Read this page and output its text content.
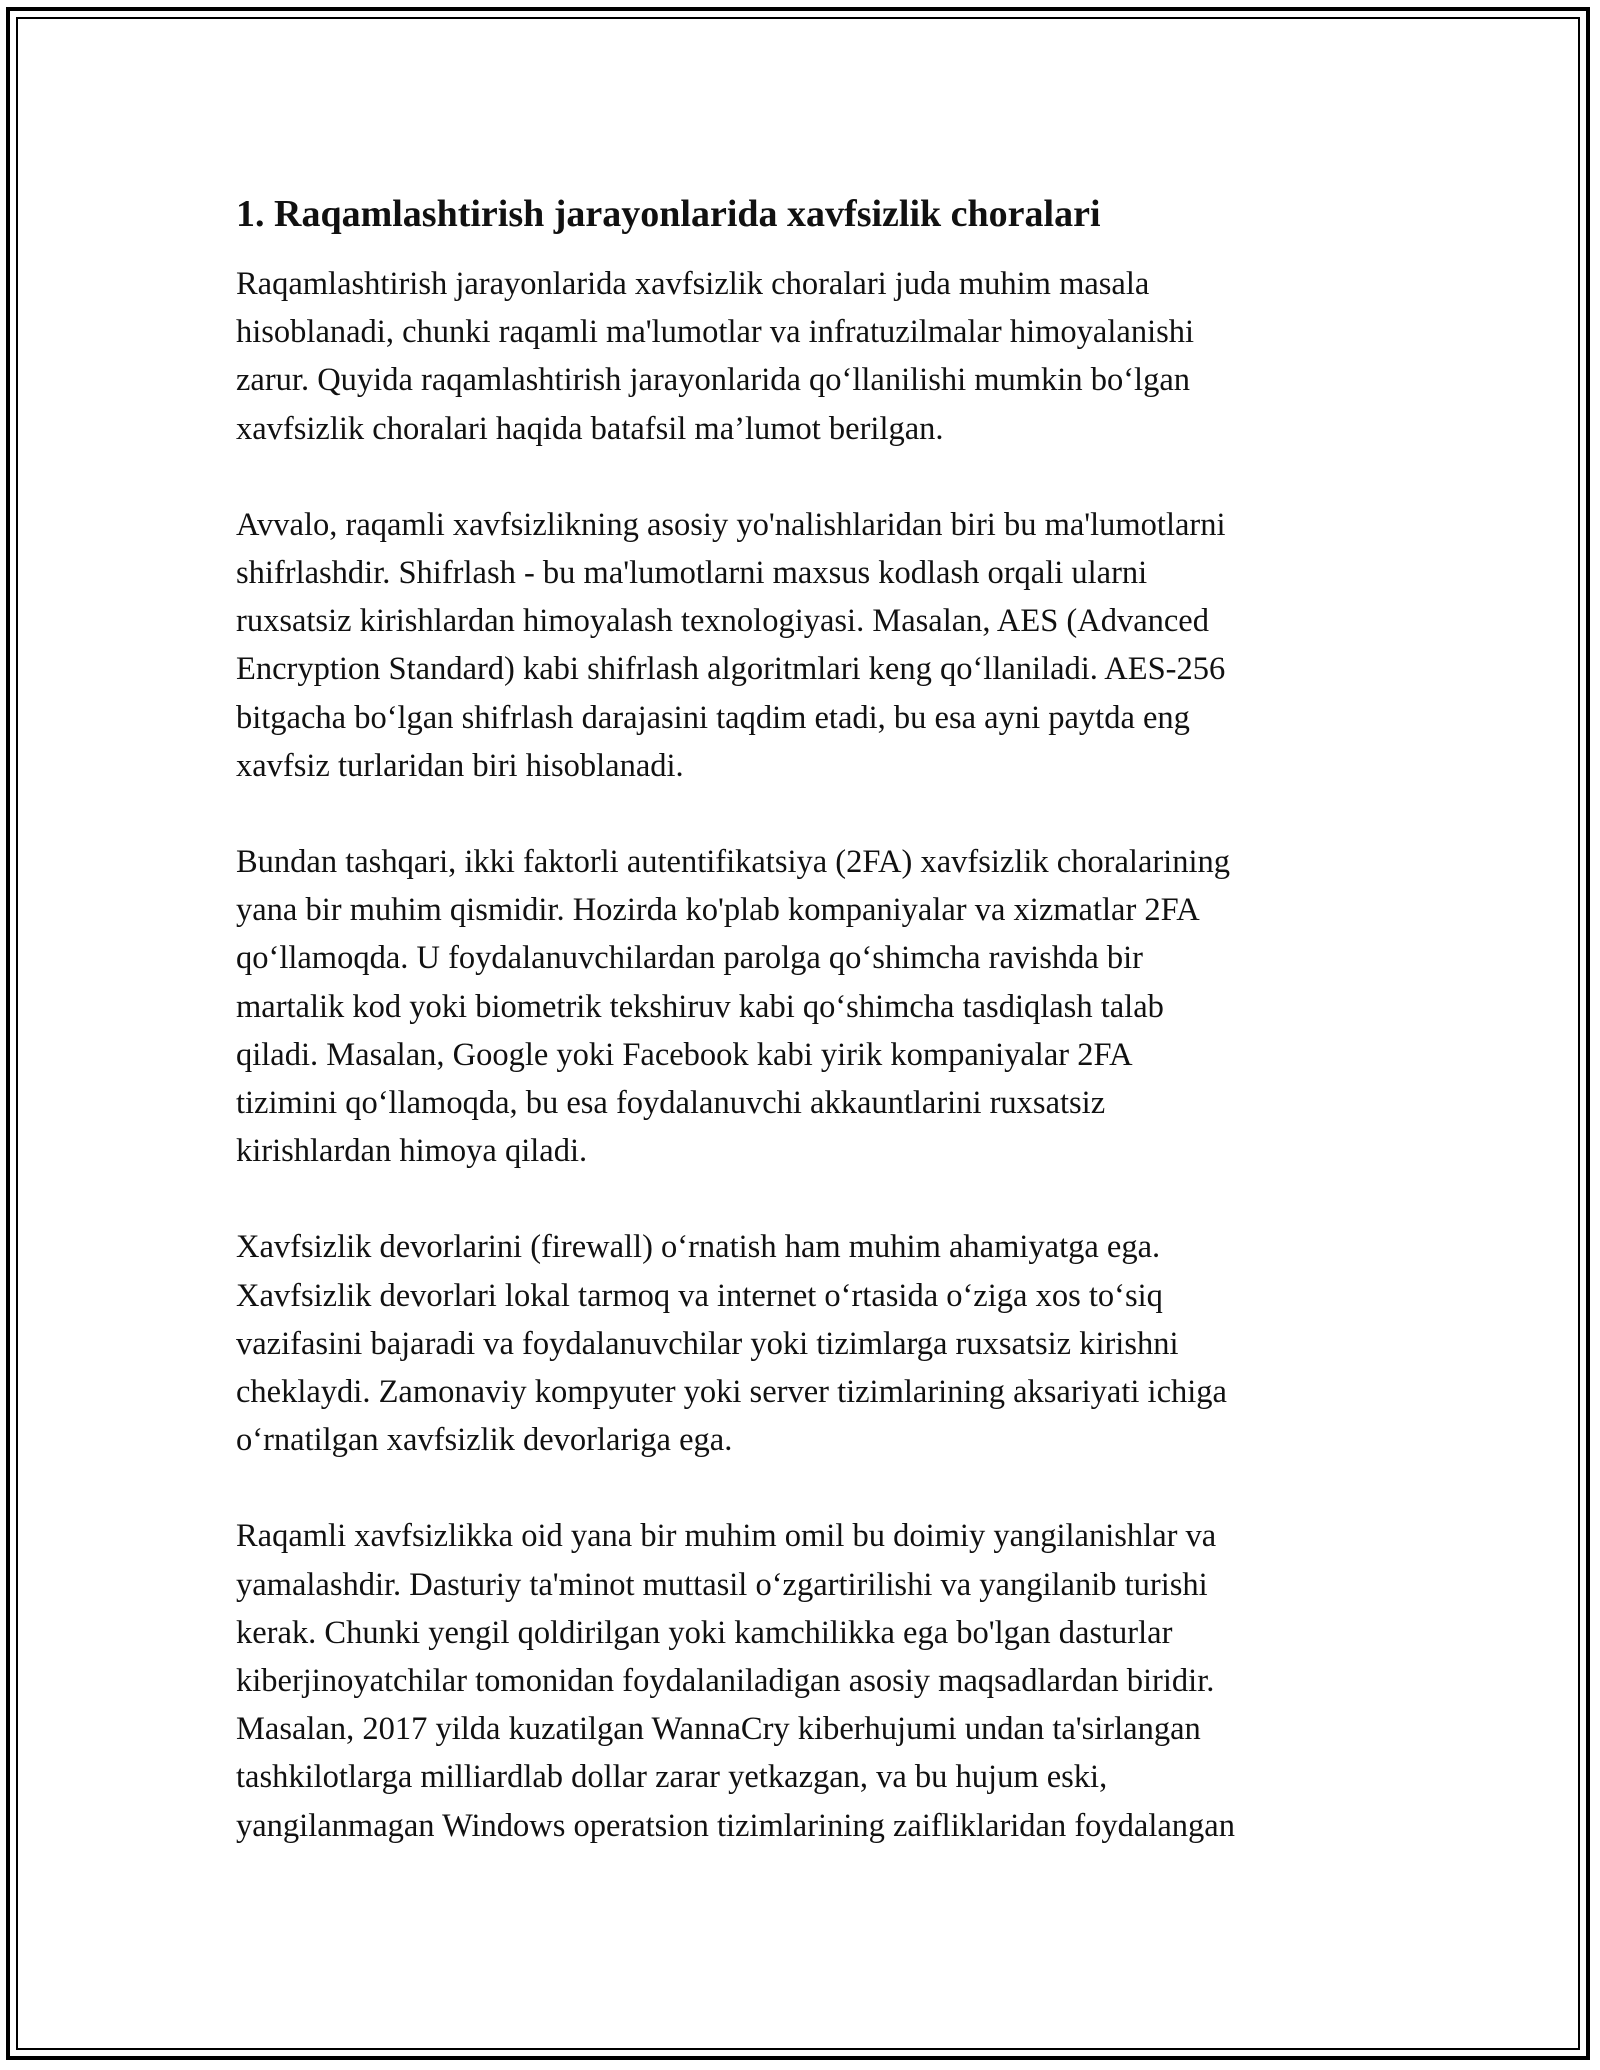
1. Raqamlashtirish jarayonlarida xavfsizlik choralari

Raqamlashtirish jarayonlarida xavfsizlik choralari juda muhim masala
hisoblanadi, chunki raqamli ma'lumotlar va infratuzilmalar himoyalanishi
zarur. Quyida raqamlashtirish jarayonlarida qo‘llanilishi mumkin bo‘lgan
xavfsizlik choralari haqida batafsil ma’lumot berilgan.

Avvalo, raqamli xavfsizlikning asosiy yo'nalishlaridan biri bu ma'lumotlarni
shifrlashdir. Shifrlash - bu ma'lumotlarni maxsus kodlash orqali ularni
ruxsatsiz kirishlardan himoyalash texnologiyasi. Masalan, AES (Advanced
Encryption Standard) kabi shifrlash algoritmlari keng qo‘llaniladi. AES-256
bitgacha bo‘lgan shifrlash darajasini taqdim etadi, bu esa ayni paytda eng
xavfsiz turlaridan biri hisoblanadi.

Bundan tashqari, ikki faktorli autentifikatsiya (2FA) xavfsizlik choralarining
yana bir muhim qismidir. Hozirda ko'plab kompaniyalar va xizmatlar 2FA
qo‘llamoqda. U foydalanuvchilardan parolga qo‘shimcha ravishda bir
martalik kod yoki biometrik tekshiruv kabi qo‘shimcha tasdiqlash talab
qiladi. Masalan, Google yoki Facebook kabi yirik kompaniyalar 2FA
tizimini qo‘llamoqda, bu esa foydalanuvchi akkauntlarini ruxsatsiz
kirishlardan himoya qiladi.

Xavfsizlik devorlarini (firewall) o‘rnatish ham muhim ahamiyatga ega.
Xavfsizlik devorlari lokal tarmoq va internet o‘rtasida o‘ziga xos to‘siq
vazifasini bajaradi va foydalanuvchilar yoki tizimlarga ruxsatsiz kirishni
cheklaydi. Zamonaviy kompyuter yoki server tizimlarining aksariyati ichiga
o‘rnatilgan xavfsizlik devorlariga ega.

Raqamli xavfsizlikka oid yana bir muhim omil bu doimiy yangilanishlar va
yamalashdir. Dasturiy ta'minot muttasil o‘zgartirilishi va yangilanib turishi
kerak. Chunki yengil qoldirilgan yoki kamchilikka ega bo'lgan dasturlar
kiberjinoyatchilar tomonidan foydalaniladigan asosiy maqsadlardan biridir.
Masalan, 2017 yilda kuzatilgan WannaCry kiberhujumi undan ta'sirlangan
tashkilotlarga milliardlab dollar zarar yetkazgan, va bu hujum eski,
yangilanmagan Windows operatsion tizimlarining zaifliklaridan foydalangan
